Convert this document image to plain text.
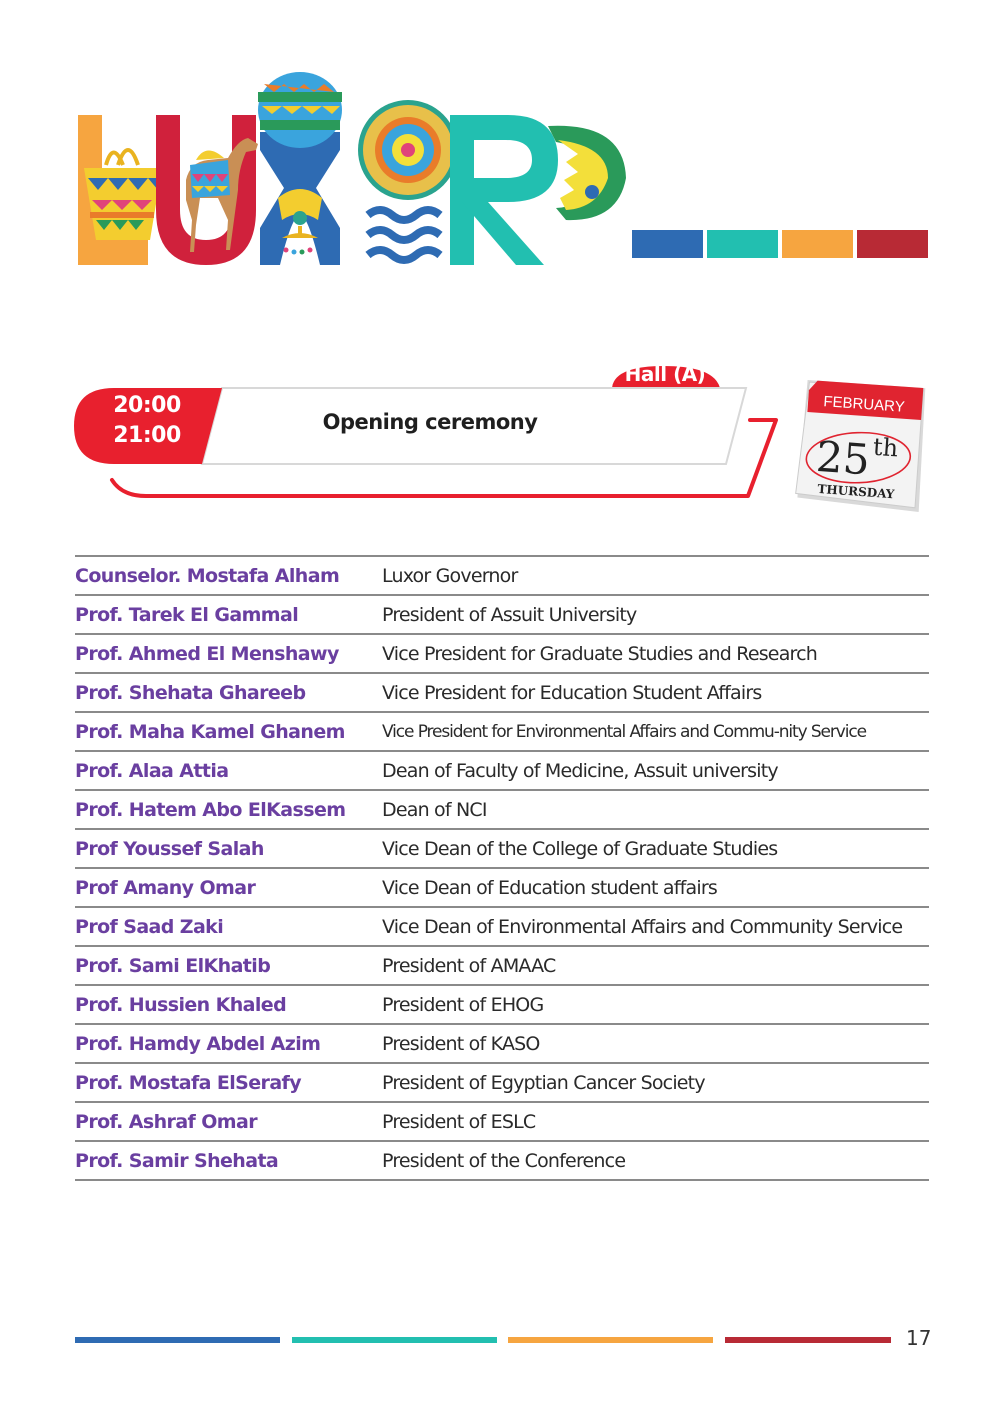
20:00
21:00
Opening ceremony
Hall (A)
FEBRUARY
25 th
THURSDAY
Counselor. Mostafa Alham	Luxor Governor
Prof. Tarek El Gammal	President of Assuit University
Prof. Ahmed El Menshawy	Vice President for Graduate Studies and Research
Prof. Shehata Ghareeb	Vice President for Education Student Affairs
Prof. Maha Kamel Ghanem	Vice President for Environmental Affairs and Commu-nity Service
Prof. Alaa Attia	Dean of Faculty of Medicine, Assuit university
Prof. Hatem Abo ElKassem	Dean of NCI
Prof Youssef Salah	Vice Dean of the College of Graduate Studies
Prof Amany Omar	Vice Dean of Education student affairs
Prof Saad Zaki	Vice Dean of Environmental Affairs and Community Service
Prof. Sami ElKhatib	President of AMAAC
Prof. Hussien Khaled	President of EHOG
Prof. Hamdy Abdel Azim	President of KASO
Prof. Mostafa ElSerafy	President of Egyptian Cancer Society
Prof. Ashraf Omar	President of ESLC
Prof. Samir Shehata	President of the Conference
17
